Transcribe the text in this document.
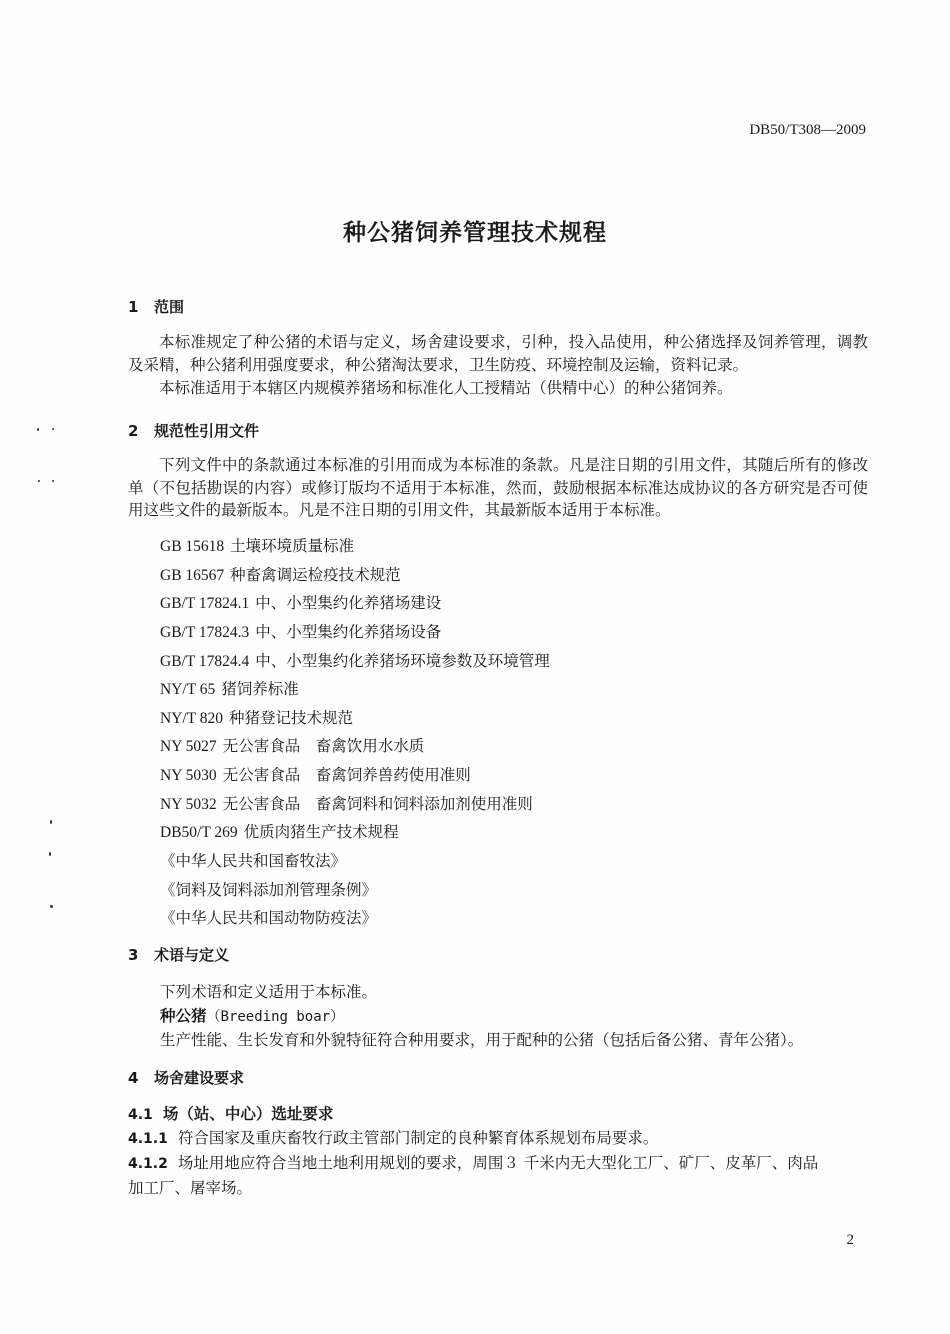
DB50/T308—2009
种公猪饲养管理技术规程
1 范围
本标准规定了种公猪的术语与定义，场舍建设要求，引种，投入品使用，种公猪选择及饲养管理，调教及采精，种公猪利用强度要求，种公猪淘汰要求，卫生防疫、环境控制及运输，资料记录。
本标准适用于本辖区内规模养猪场和标准化人工授精站（供精中心）的种公猪饲养。
2 规范性引用文件
下列文件中的条款通过本标准的引用而成为本标准的条款。凡是注日期的引用文件，其随后所有的修改单（不包括勘误的内容）或修订版均不适用于本标准，然而，鼓励根据本标准达成协议的各方研究是否可使用这些文件的最新版本。凡是不注日期的引用文件，其最新版本适用于本标准。
GB 15618 土壤环境质量标准
GB 16567 种畜禽调运检疫技术规范
GB/T 17824.1 中、小型集约化养猪场建设
GB/T 17824.3 中、小型集约化养猪场设备
GB/T 17824.4 中、小型集约化养猪场环境参数及环境管理
NY/T 65 猪饲养标准
NY/T 820 种猪登记技术规范
NY 5027 无公害食品　畜禽饮用水水质
NY 5030 无公害食品　畜禽饲养兽药使用准则
NY 5032 无公害食品　畜禽饲料和饲料添加剂使用准则
DB50/T 269 优质肉猪生产技术规程
《中华人民共和国畜牧法》
《饲料及饲料添加剂管理条例》
《中华人民共和国动物防疫法》
3 术语与定义
下列术语和定义适用于本标准。
种公猪（Breeding boar）
生产性能、生长发育和外貌特征符合种用要求，用于配种的公猪（包括后备公猪、青年公猪）。
4 场舍建设要求
4.1 场（站、中心）选址要求
4.1.1 符合国家及重庆畜牧行政主管部门制定的良种繁育体系规划布局要求。
4.1.2 场址用地应符合当地土地利用规划的要求，周围３ 千米内无大型化工厂、矿厂、皮革厂、肉品
加工厂、屠宰场。
2
